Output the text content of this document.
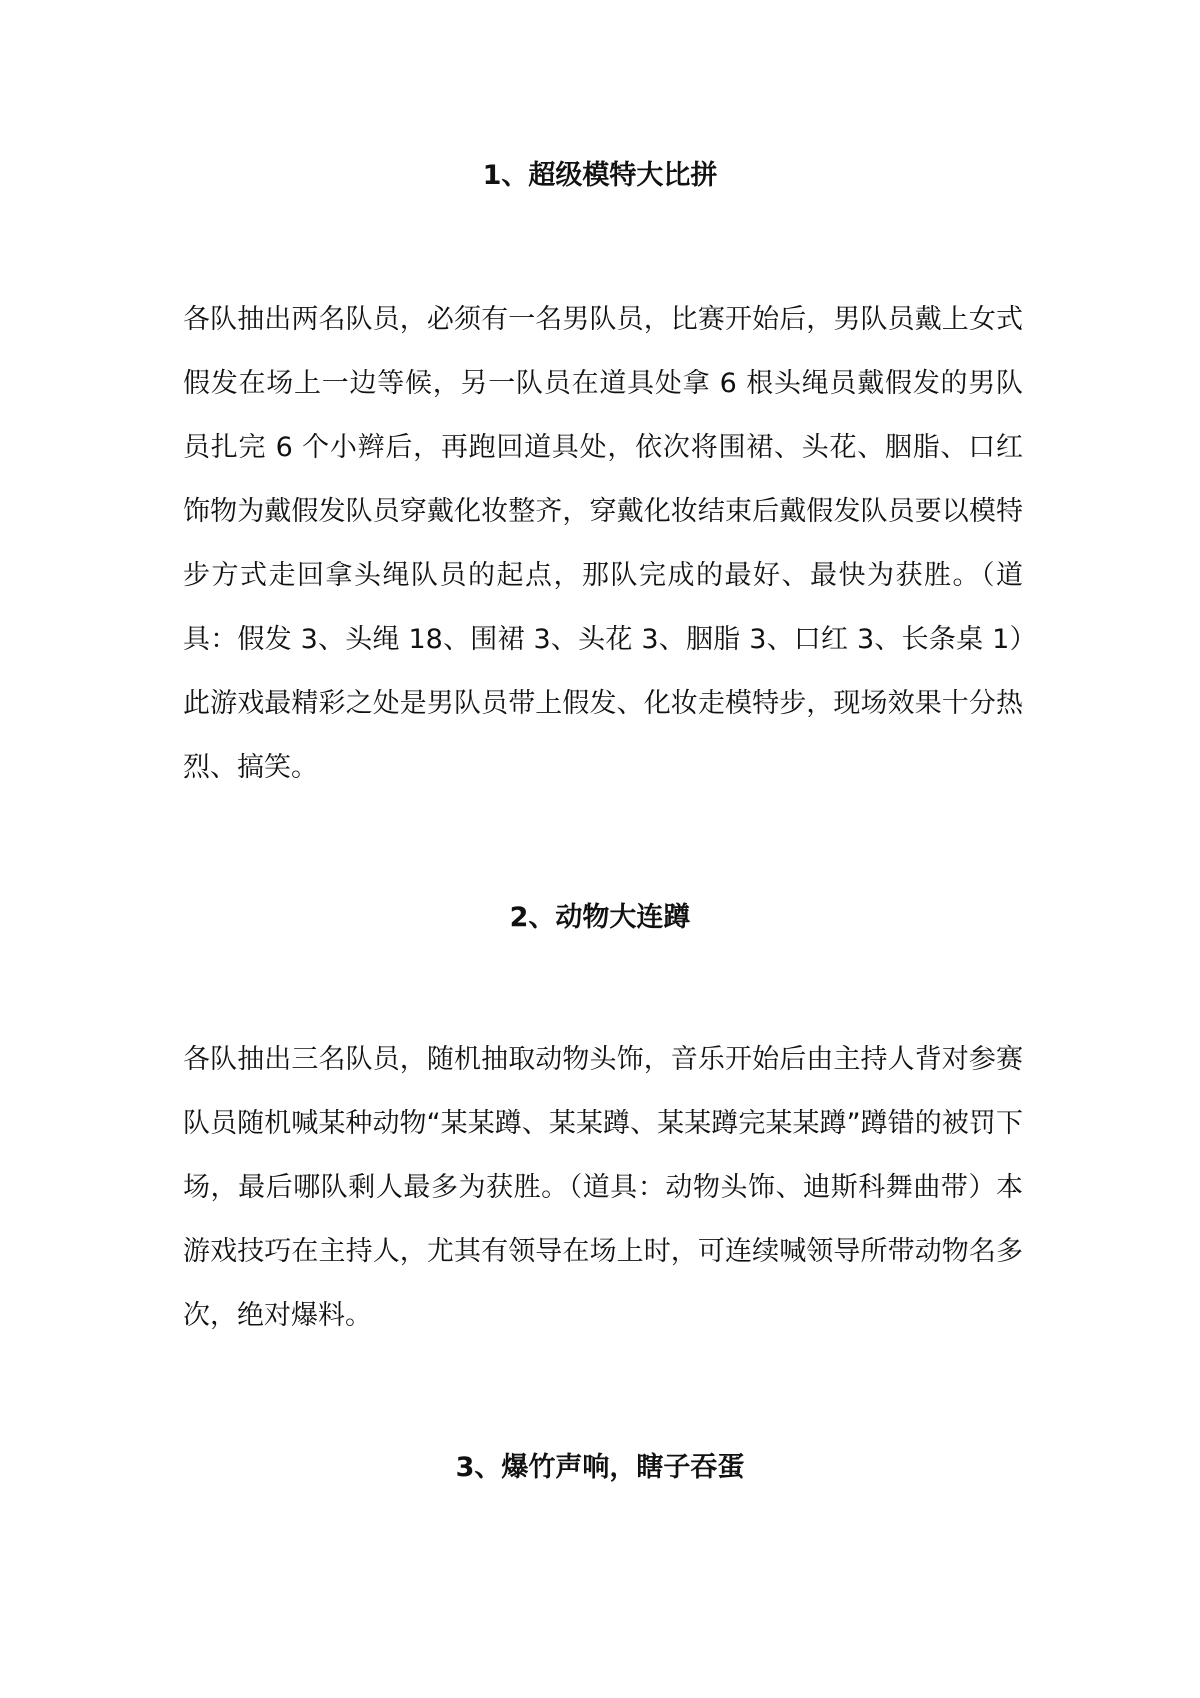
1、超级模特大比拼

各队抽出两名队员，必须有一名男队员，比赛开始后，男队员戴上女式假发在场上一边等候，另一队员在道具处拿 6 根头绳员戴假发的男队员扎完 6 个小辫后，再跑回道具处，依次将围裙、头花、胭脂、口红饰物为戴假发队员穿戴化妆整齐，穿戴化妆结束后戴假发队员要以模特步方式走回拿头绳队员的起点，那队完成的最好、最快为获胜。（道具：假发 3、头绳 18、围裙 3、头花 3、胭脂 3、口红 3、长条桌 1）此游戏最精彩之处是男队员带上假发、化妆走模特步，现场效果十分热烈、搞笑。

2、动物大连蹲

各队抽出三名队员，随机抽取动物头饰，音乐开始后由主持人背对参赛队员随机喊某种动物“某某蹲、某某蹲、某某蹲完某某蹲”蹲错的被罚下场，最后哪队剩人最多为获胜。（道具：动物头饰、迪斯科舞曲带）本游戏技巧在主持人，尤其有领导在场上时，可连续喊领导所带动物名多次，绝对爆料。

3、爆竹声响，瞎子吞蛋
